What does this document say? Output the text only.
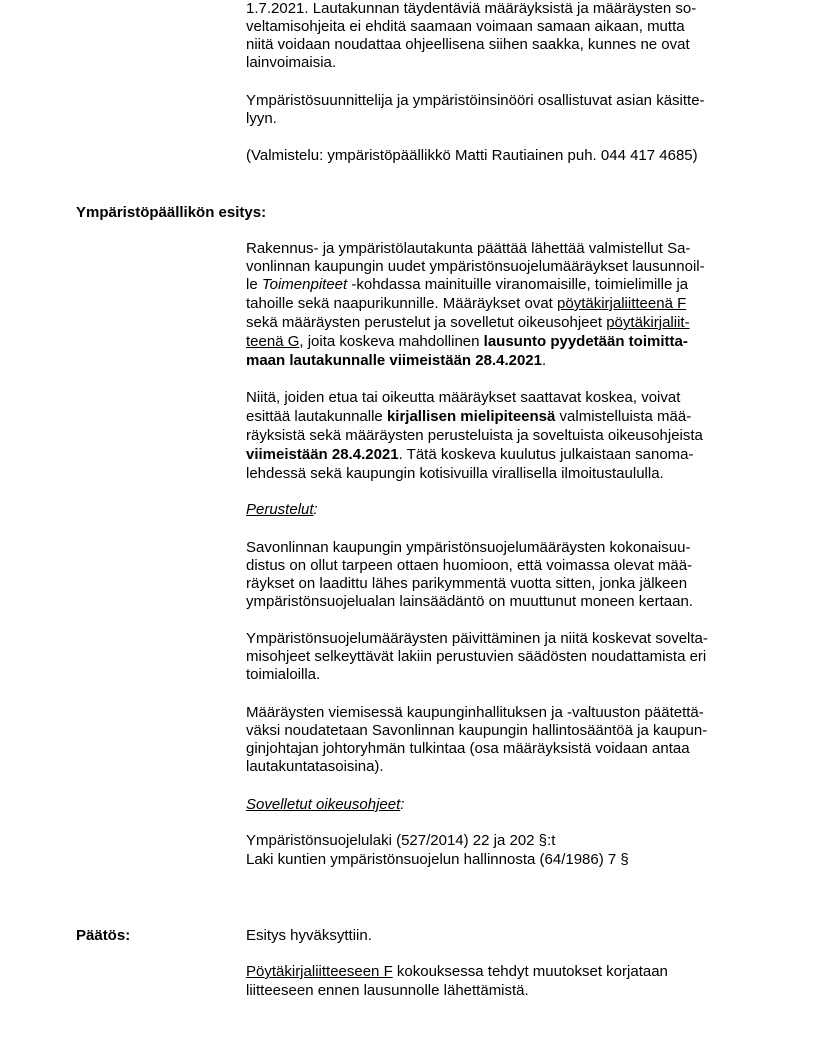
1.7.2021. Lautakunnan täydentäviä määräyksistä ja määräysten so-
veltamisohjeita ei ehditä saamaan voimaan samaan aikaan, mutta
niitä voidaan noudattaa ohjeellisena siihen saakka, kunnes ne ovat
lainvoimaisia.
Ympäristösuunnittelija ja ympäristöinsinööri osallistuvat asian käsitte-
lyyn.
(Valmistelu: ympäristöpäällikkö Matti Rautiainen puh. 044 417 4685)
Ympäristöpäällikön esitys:
Rakennus- ja ympäristölautakunta päättää lähettää valmistellut Sa-
vonlinnan kaupungin uudet ympäristönsuojelumääräykset lausunnoil-
le Toimenpiteet -kohdassa mainituille viranomaisille, toimielimille ja
tahoille sekä naapurikunnille. Määräykset ovat pöytäkirjaliitteenä F
sekä määräysten perustelut ja sovelletut oikeusohjeet pöytäkirjaliit-
teenä G, joita koskeva mahdollinen lausunto pyydetään toimitta-
maan lautakunnalle viimeistään 28.4.2021.
Niitä, joiden etua tai oikeutta määräykset saattavat koskea, voivat
esittää lautakunnalle kirjallisen mielipiteensä valmistelluista mää-
räyksistä sekä määräysten perusteluista ja soveltuista oikeusohjeista
viimeistään 28.4.2021. Tätä koskeva kuulutus julkaistaan sanoma-
lehdessä sekä kaupungin kotisivuilla virallisella ilmoitustaululla.
Perustelut:
Savonlinnan kaupungin ympäristönsuojelumääräysten kokonaisuu-
distus on ollut tarpeen ottaen huomioon, että voimassa olevat mää-
räykset on laadittu lähes parikymmentä vuotta sitten, jonka jälkeen
ympäristönsuojelualan lainsäädäntö on muuttunut moneen kertaan.
Ympäristönsuojelumääräysten päivittäminen ja niitä koskevat soveltа-
misohjeet selkeyttävät lakiin perustuvien säädösten noudattamista eri
toimialoilla.
Määräysten viemisessä kaupunginhallituksen ja -valtuuston päätettä-
väksi noudatetaan Savonlinnan kaupungin hallintosääntöä ja kaupun-
ginjohtajan johtoryhmän tulkintaa (osa määräyksistä voidaan antaa
lautakuntatasoisina).
Sovelletut oikeusohjeet:
Ympäristönsuojelulaki (527/2014) 22 ja 202 §:t
Laki kuntien ympäristönsuojelun hallinnosta (64/1986) 7 §
Päätös:	Esitys hyväksyttiin.
Pöytäkirjaliitteeseen F kokouksessa tehdyt muutokset korjataan
liitteeseen ennen lausunnolle lähettämistä.
